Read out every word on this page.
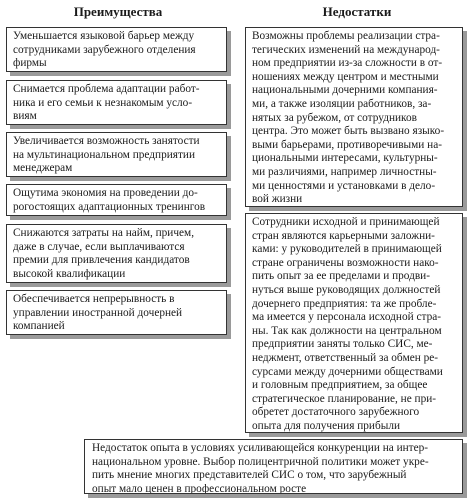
Преимущества	Недостатки
Уменьшается языковой барьер между
сотрудниками зарубежного отделения
фирмы
Снимается проблема адаптации работ-
ника и его семьи к незнакомым усло-
виям
Увеличивается возможность занятости
на мультинациональном предприятии
менеджерам
Ощутима экономия на проведении до-
рогостоящих адаптационных тренингов
Снижаются затраты на найм, причем,
даже в случае, если выплачиваются
премии для привлечения кандидатов
высокой квалификации
Обеспечивается непрерывность в
управлении иностранной дочерней
компанией
Возможны проблемы реализации стра-
тегических изменений на международ-
ном предприятии из-за сложности в от-
ношениях между центром и местными
национальными дочерними компания-
ми, а также изоляции работников, за-
нятых за рубежом, от сотрудников
центра. Это может быть вызвано языко-
выми барьерами, противоречивыми на-
циональными интересами, культурны-
ми различиями, например личностны-
ми ценностями и установками в дело-
вой жизни
Сотрудники исходной и принимающей
стран являются карьерными заложни-
ками: у руководителей в принимающей
стране ограничены возможности нако-
пить опыт за ее пределами и продви-
нуться выше руководящих должностей
дочернего предприятия: та же пробле-
ма имеется у персонала исходной стра-
ны. Так как должности на центральном
предприятии заняты только СИС, ме-
неджмент, ответственный за обмен ре-
сурсами между дочерними обществами
и головным предприятием, за общее
стратегическое планирование, не при-
обретет достаточного зарубежного
опыта для получения прибыли
Недостаток опыта в условиях усиливающейся конкуренции на интер-
национальном уровне. Выбор полицентричной политики может укре-
пить мнение многих представителей СИС о том, что зарубежный
опыт мало ценен в профессиональном росте
